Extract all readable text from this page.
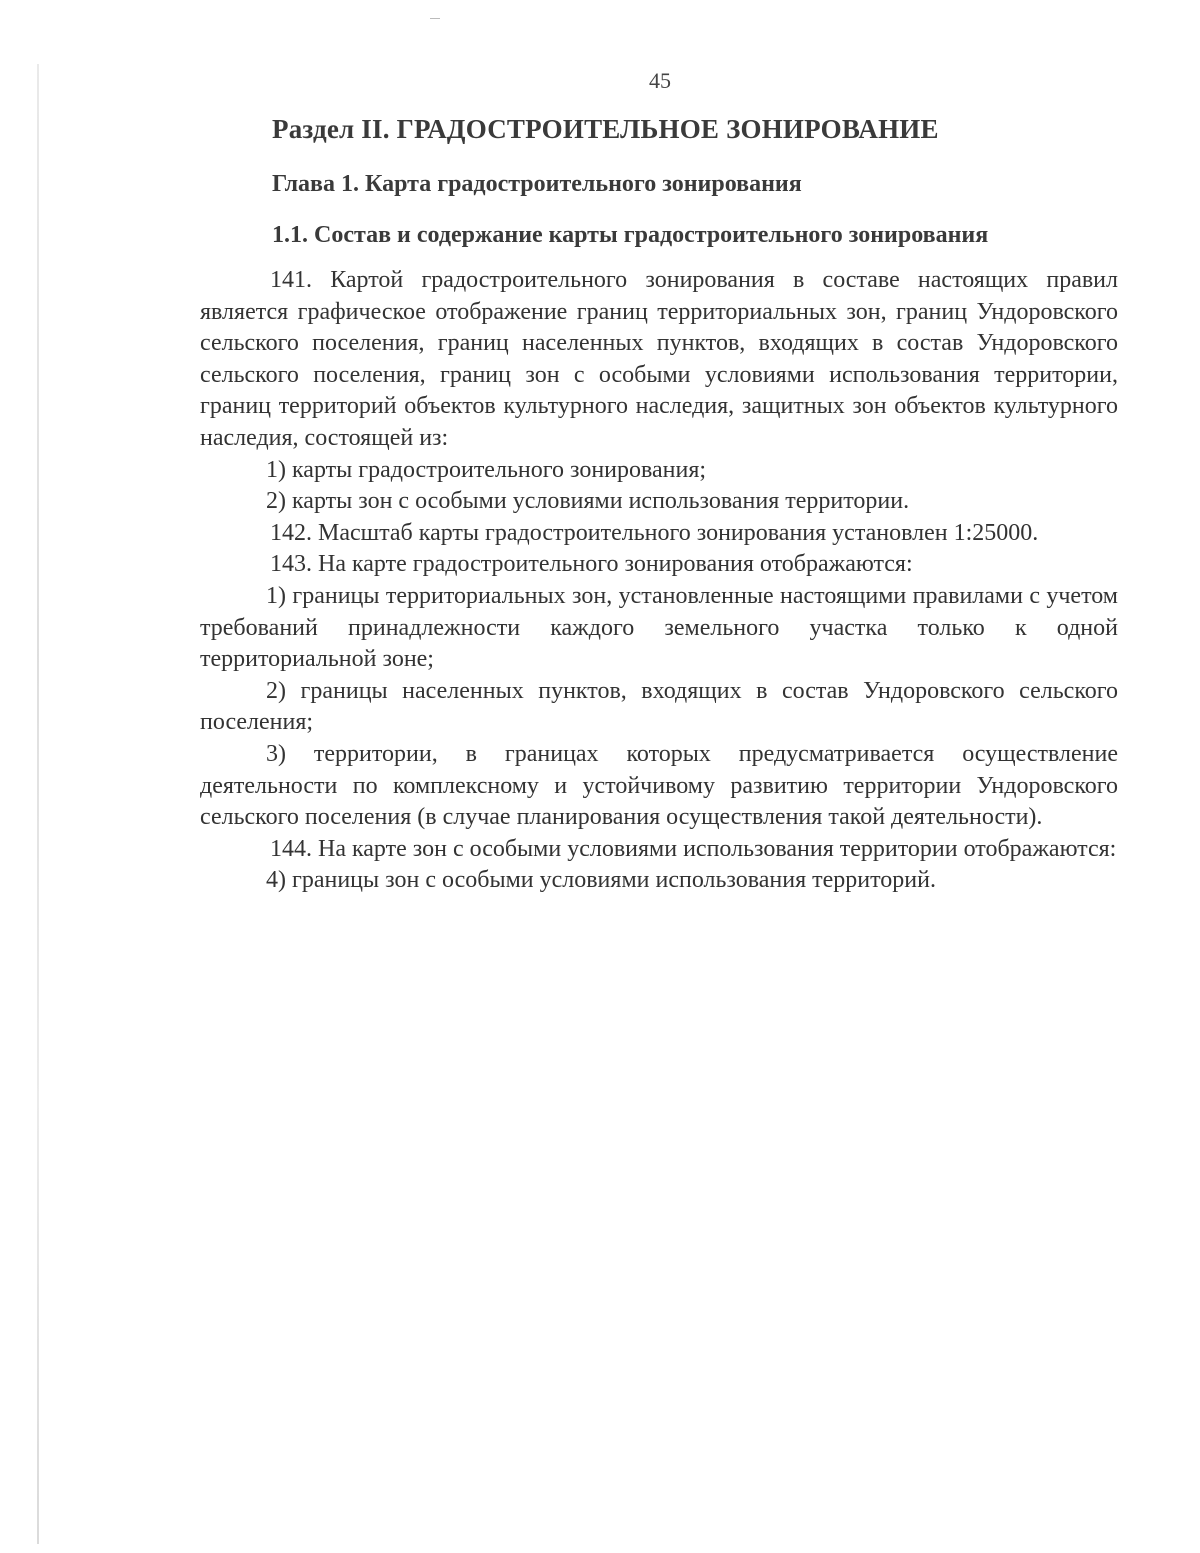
45
Раздел II. ГРАДОСТРОИТЕЛЬНОЕ ЗОНИРОВАНИЕ
Глава 1. Карта градостроительного зонирования
1.1. Состав и содержание карты градостроительного зонирования

141. Картой градостроительного зонирования в составе настоящих правил является графическое отображение границ территориальных зон, границ Ундоровского сельского поселения, границ населенных пунктов, входящих в состав Ундоровского сельского поселения, границ зон с особыми условиями использования территории, границ территорий объектов культурного наследия, защитных зон объектов культурного наследия, состоящей из:

1) карты градостроительного зонирования;

2) карты зон с особыми условиями использования территории.

142. Масштаб карты градостроительного зонирования установлен 1:25000.

143. На карте градостроительного зонирования отображаются:

1) границы территориальных зон, установленные настоящими правилами с учетом требований принадлежности каждого земельного участка только к одной территориальной зоне;

2) границы населенных пунктов, входящих в состав Ундоровского сельского поселения;

3) территории, в границах которых предусматривается осуществление деятельности по комплексному и устойчивому развитию территории Ундоровского сельского поселения (в случае планирования осуществления такой деятельности).

144. На карте зон с особыми условиями использования территории отображаются:

4) границы зон с особыми условиями использования территорий.
